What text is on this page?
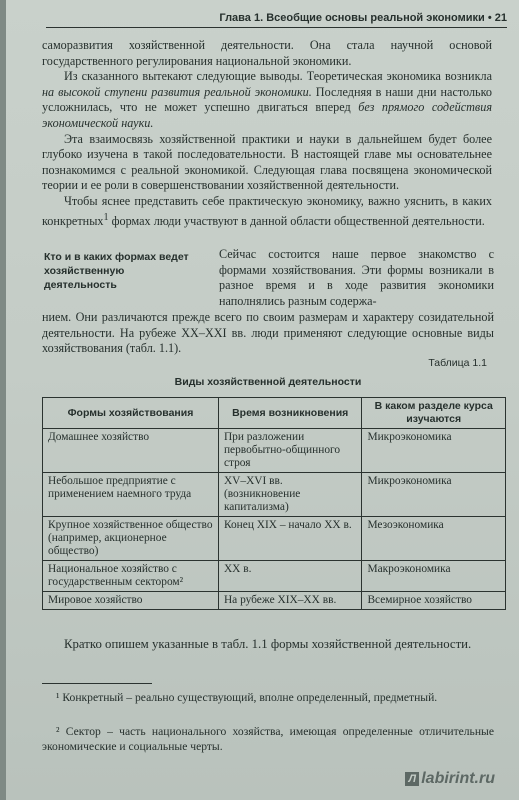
Глава 1. Всеобщие основы реальной экономики • 21

саморазвития хозяйственной деятельности. Она стала научной основой государственного регулирования национальной экономики.

Из сказанного вытекают следующие выводы. Теоретическая экономика возникла на высокой ступени развития реальной экономики. Последняя в наши дни настолько усложнилась, что не может успешно двигаться вперед без прямого содействия экономической науки.

Эта взаимосвязь хозяйственной практики и науки в дальнейшем будет более глубоко изучена в такой последовательности. В настоящей главе мы основательнее познакомимся с реальной экономикой. Следующая глава посвящена экономической теории и ее роли в совершенствовании хозяйственной деятельности.

Чтобы яснее представить себе практическую экономику, важно уяснить, в каких конкретных$^1$ формах люди участвуют в данной области общественной деятельности.

Кто и в каких формах ведет хозяйственную деятельность
Сейчас состоится наше первое знакомство с формами хозяйствования. Эти формы возникали в разное время и в ходе развития экономики наполнялись разным содержа-
нием. Они различаются прежде всего по своим размерам и характеру созидательной деятельности. На рубеже XX–XXI вв. люди применяют следующие основные виды хозяйствования (табл. 1.1).
Таблица 1.1
Виды хозяйственной деятельности
Формы хозяйствования	Время возникновения	В каком разделе курса изучаются
Домашнее хозяйство	При разложении первобытно-общинного строя	Микроэкономика
Небольшое предприятие с применением наемного труда	XV–XVI вв. (возникновение капитализма)	Микроэкономика
Крупное хозяйственное общество (например, акционерное общество)	Конец XIX – начало XX в.	Мезоэкономика
Национальное хозяйство с государственным сектором²	XX в.	Макроэкономика
Мировое хозяйство	На рубеже XIX–XX вв.	Всемирное хозяйство
Кратко опишем указанные в табл. 1.1 формы хозяйственной деятельности.
¹ Конкретный – реально существующий, вполне определенный, предметный.
² Сектор – часть национального хозяйства, имеющая определенные отличительные экономические и социальные черты.
Л labirint.ru
